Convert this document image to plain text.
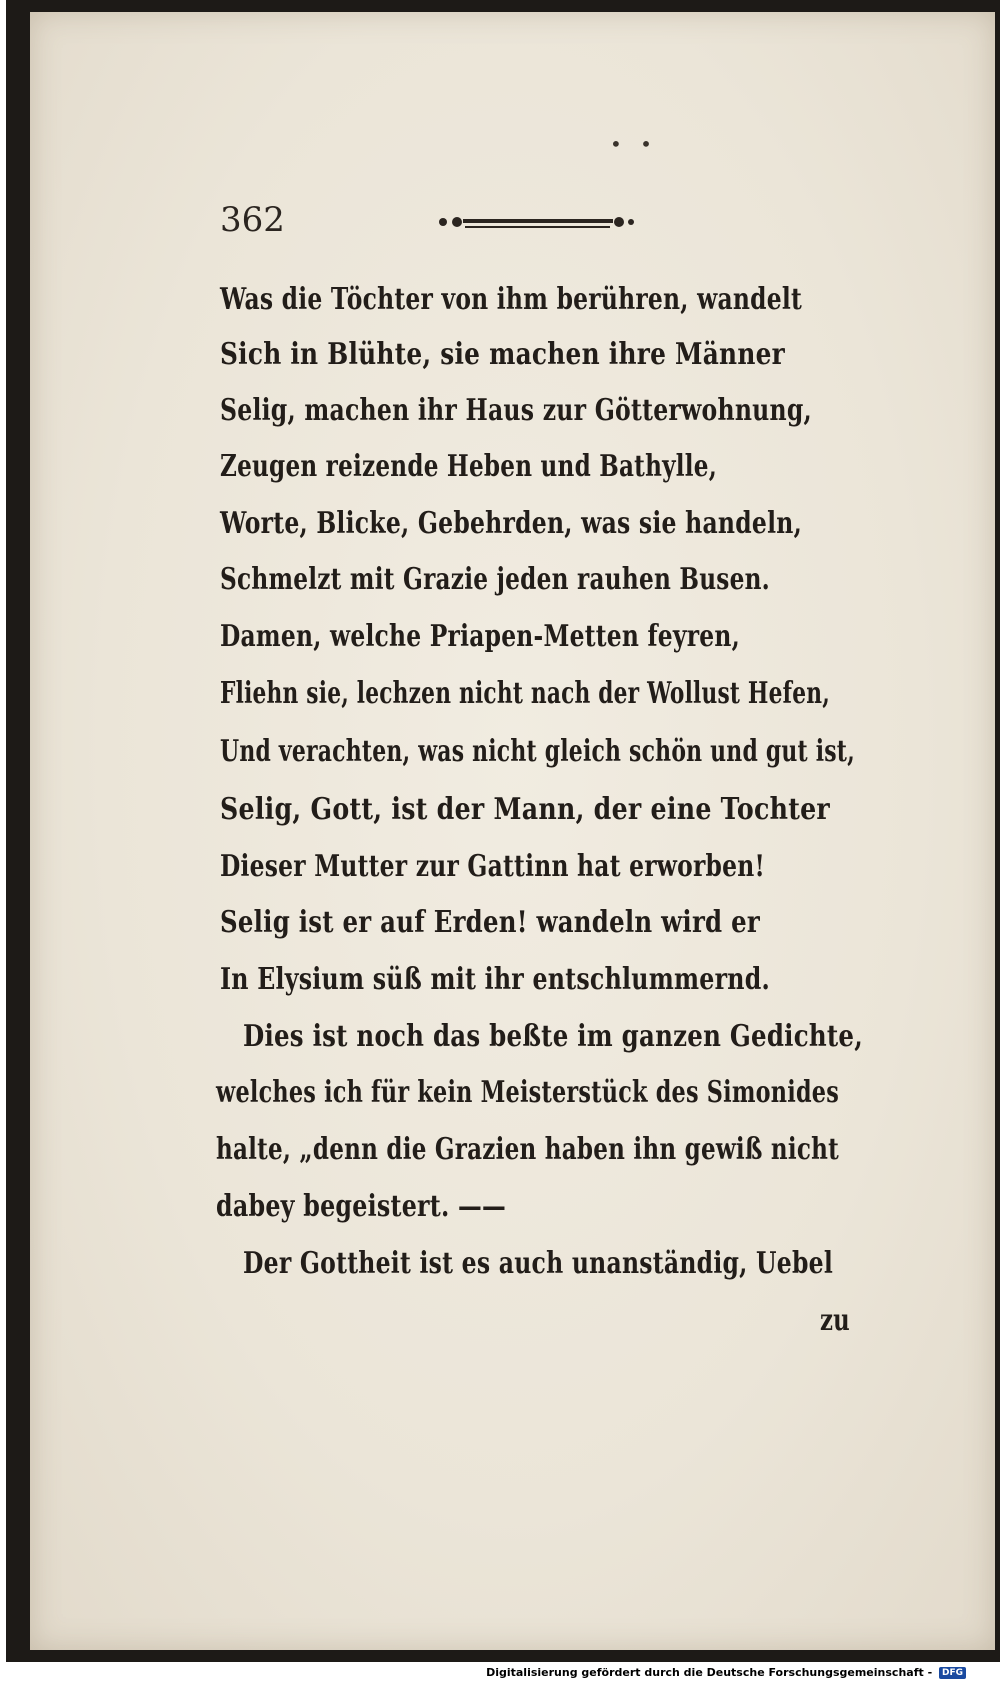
• •
362
Was die Töchter von ihm berühren, wandelt
Sich in Blühte, sie machen ihre Männer
Selig, machen ihr Haus zur Götterwohnung,
Zeugen reizende Heben und Bathylle,
Worte, Blicke, Gebehrden, was sie handeln,
Schmelzt mit Grazie jeden rauhen Busen.
Damen, welche Priapen-Metten feyren,
Fliehn sie, lechzen nicht nach der Wollust Hefen,
Und verachten, was nicht gleich schön und gut ist,
Selig, Gott, ist der Mann, der eine Tochter
Dieser Mutter zur Gattinn hat erworben!
Selig ist er auf Erden! wandeln wird er
In Elysium süß mit ihr entschlummernd.
Dies ist noch das beßte im ganzen Gedichte,
welches ich für kein Meisterstück des Simonides
halte, „denn die Grazien haben ihn gewiß nicht
dabey begeistert. ——
Der Gottheit ist es auch unanständig, Uebel
zu
Digitalisierung gefördert durch die Deutsche Forschungsgemeinschaft - DFG
